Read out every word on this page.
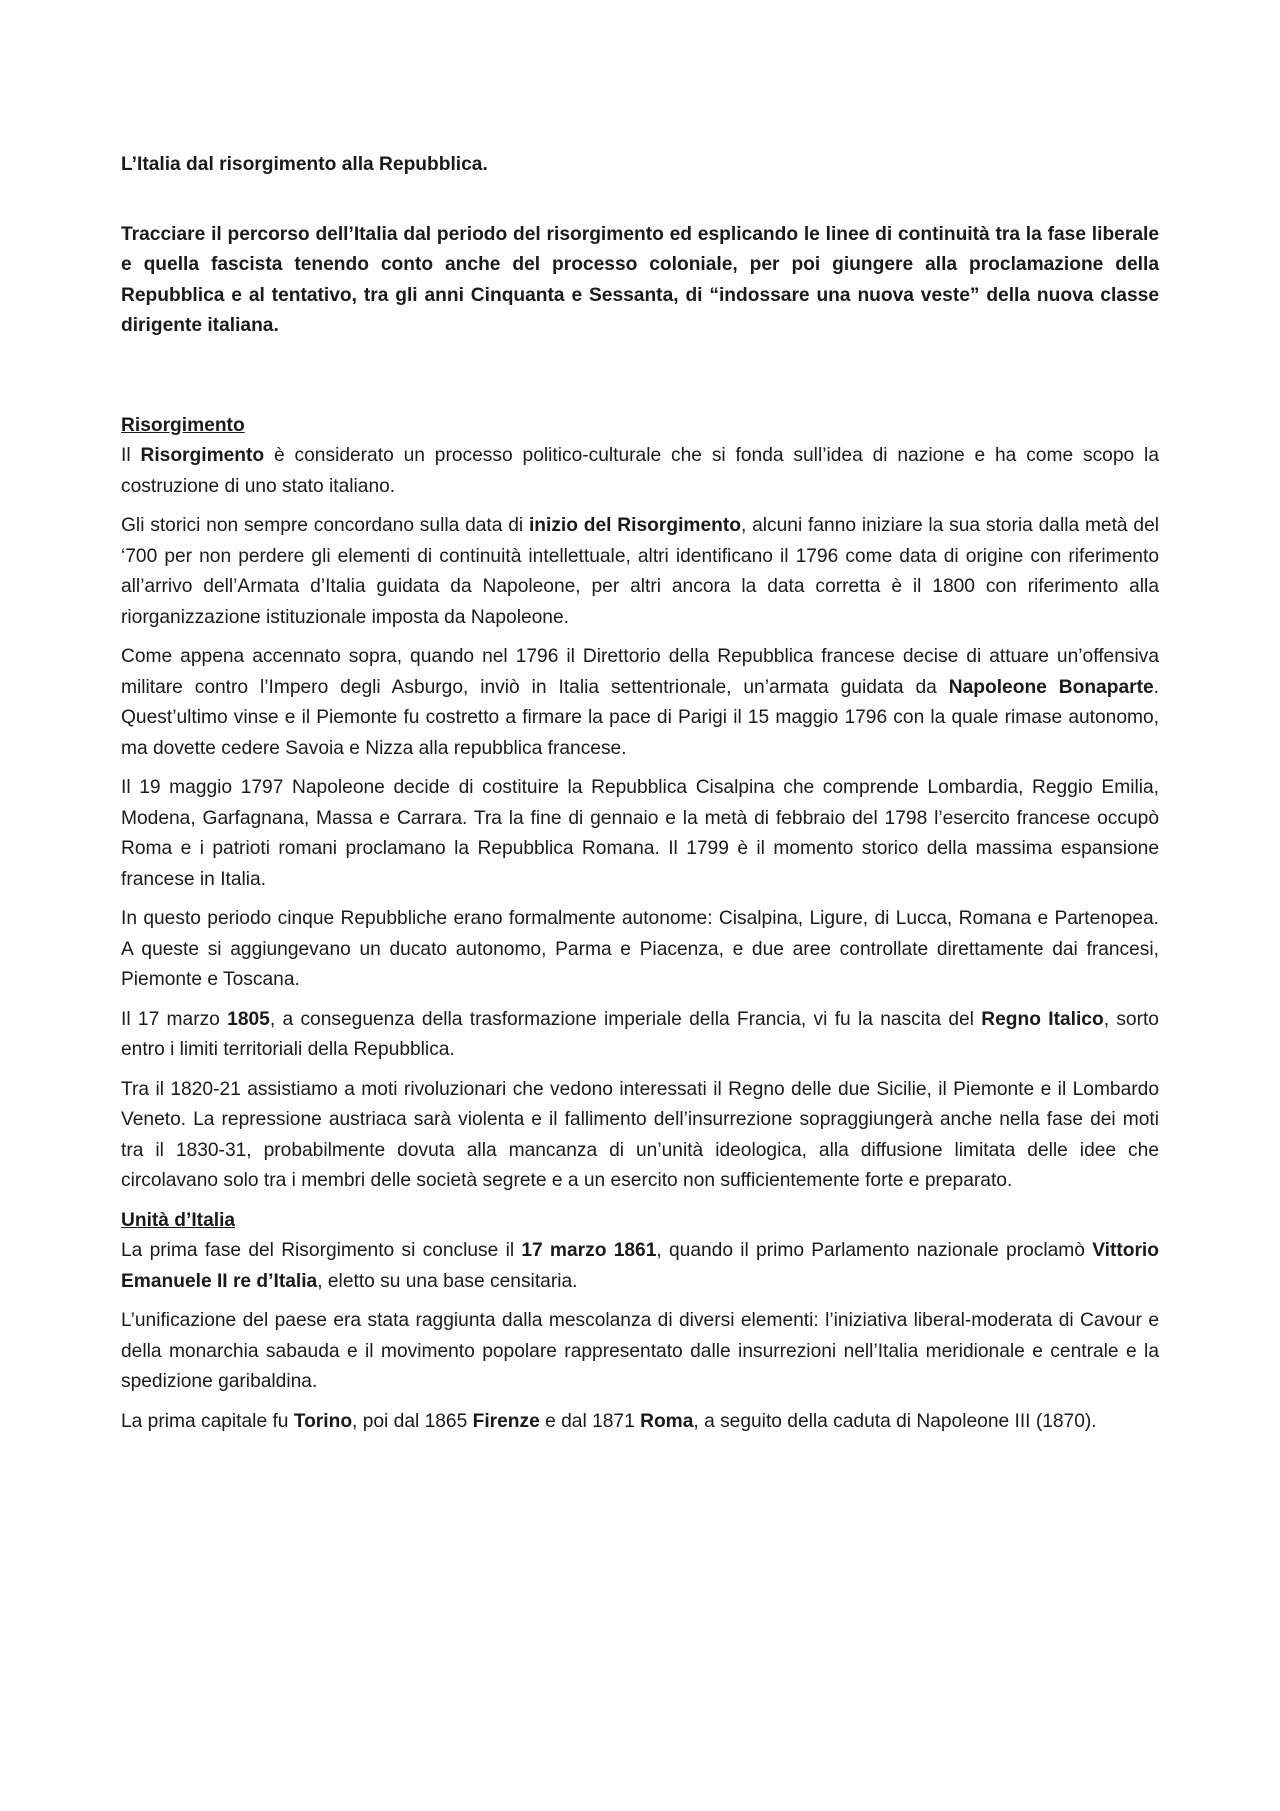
L’Italia dal risorgimento alla Repubblica.

Tracciare il percorso dell’Italia dal periodo del risorgimento ed esplicando le linee di continuità tra la fase liberale e quella fascista tenendo conto anche del processo coloniale, per poi giungere alla proclamazione della Repubblica e al tentativo, tra gli anni Cinquanta e Sessanta, di “indossare una nuova veste” della nuova classe dirigente italiana.

Risorgimento

Il Risorgimento è considerato un processo politico-culturale che si fonda sull’idea di nazione e ha come scopo la costruzione di uno stato italiano.

Gli storici non sempre concordano sulla data di inizio del Risorgimento, alcuni fanno iniziare la sua storia dalla metà del ‘700 per non perdere gli elementi di continuità intellettuale, altri identificano il 1796 come data di origine con riferimento all’arrivo dell’Armata d’Italia guidata da Napoleone, per altri ancora la data corretta è il 1800 con riferimento alla riorganizzazione istituzionale imposta da Napoleone.

Come appena accennato sopra, quando nel 1796 il Direttorio della Repubblica francese decise di attuare un’offensiva militare contro l’Impero degli Asburgo, inviò in Italia settentrionale, un’armata guidata da Napoleone Bonaparte. Quest’ultimo vinse e il Piemonte fu costretto a firmare la pace di Parigi il 15 maggio 1796 con la quale rimase autonomo, ma dovette cedere Savoia e Nizza alla repubblica francese.

Il 19 maggio 1797 Napoleone decide di costituire la Repubblica Cisalpina che comprende Lombardia, Reggio Emilia, Modena, Garfagnana, Massa e Carrara. Tra la fine di gennaio e la metà di febbraio del 1798 l’esercito francese occupò Roma e i patrioti romani proclamano la Repubblica Romana. Il 1799 è il momento storico della massima espansione francese in Italia.

In questo periodo cinque Repubbliche erano formalmente autonome: Cisalpina, Ligure, di Lucca, Romana e Partenopea. A queste si aggiungevano un ducato autonomo, Parma e Piacenza, e due aree controllate direttamente dai francesi, Piemonte e Toscana.

Il 17 marzo 1805, a conseguenza della trasformazione imperiale della Francia, vi fu la nascita del Regno Italico, sorto entro i limiti territoriali della Repubblica.

Tra il 1820-21 assistiamo a moti rivoluzionari che vedono interessati il Regno delle due Sicilie, il Piemonte e il Lombardo Veneto. La repressione austriaca sarà violenta e il fallimento dell’insurrezione sopraggiungerà anche nella fase dei moti tra il 1830-31, probabilmente dovuta alla mancanza di un’unità ideologica, alla diffusione limitata delle idee che circolavano solo tra i membri delle società segrete e a un esercito non sufficientemente forte e preparato.

Unità d’Italia

La prima fase del Risorgimento si concluse il 17 marzo 1861, quando il primo Parlamento nazionale proclamò Vittorio Emanuele II re d’Italia, eletto su una base censitaria.

L’unificazione del paese era stata raggiunta dalla mescolanza di diversi elementi: l’iniziativa liberal-moderata di Cavour e della monarchia sabauda e il movimento popolare rappresentato dalle insurrezioni nell’Italia meridionale e centrale e la spedizione garibaldina.

La prima capitale fu Torino, poi dal 1865 Firenze e dal 1871 Roma, a seguito della caduta di Napoleone III (1870).
